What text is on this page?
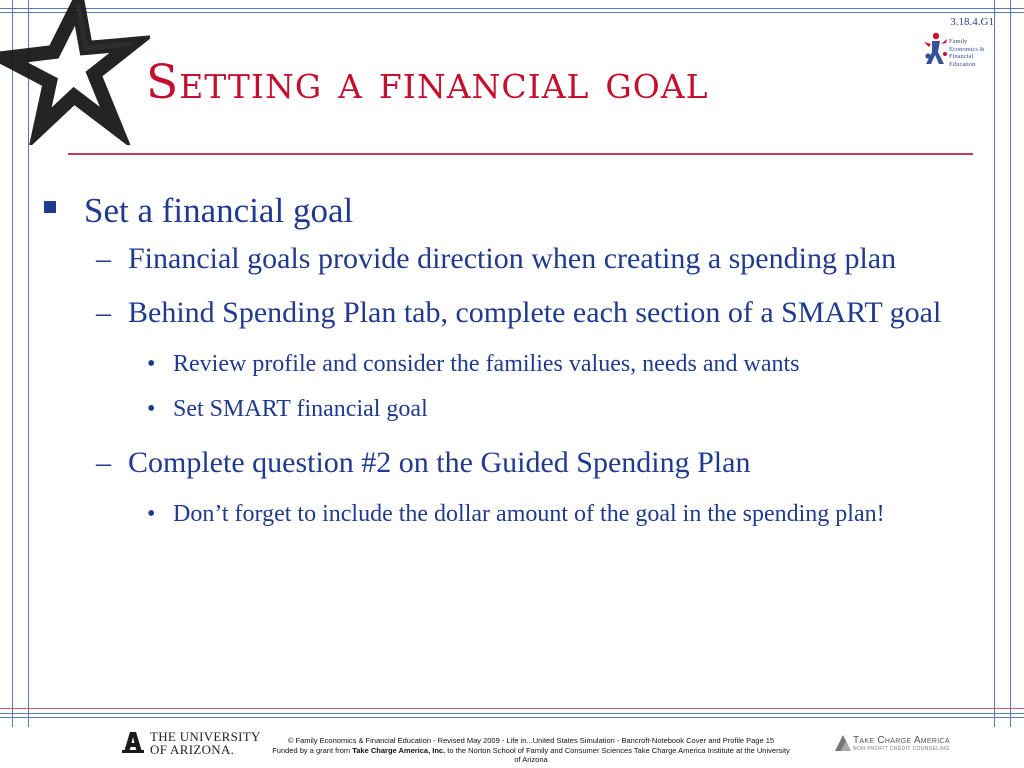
3.18.4.G1
Family
Economics &
Financial
Education
Setting a financial goal
Set a financial goal
– Financial goals provide direction when creating a spending plan
– Behind Spending Plan tab, complete each section of a SMART goal
• Review profile and consider the families values, needs and wants
• Set SMART financial goal
– Complete question #2 on the Guided Spending Plan
• Don’t forget to include the dollar amount of the goal in the spending plan!
THE UNIVERSITY
OF ARIZONA.
© Family Economics & Financial Education - Revised May 2009 - Life in...United States Simulation - Bancroft-Notebook Cover and Profile Page 15
Funded by a grant from Take Charge America, Inc. to the Norton School of Family and Consumer Sciences Take Charge America Institute at the University
of Arizona
Take Charge America
NON-PROFIT CREDIT COUNSELING
